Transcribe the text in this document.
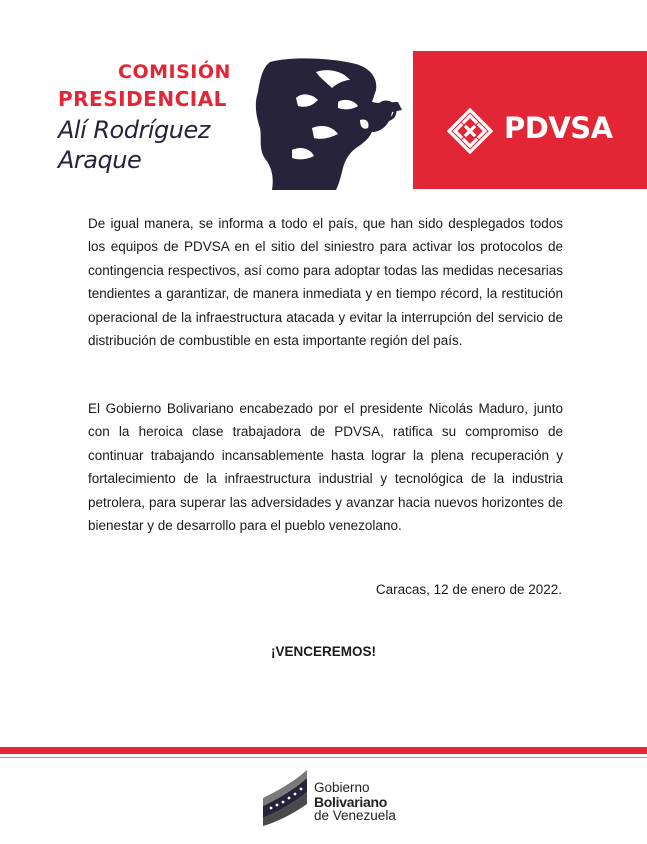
COMISIÓN
PRESIDENCIAL
Alí Rodríguez
Araque
PDVSA

De igual manera, se informa a todo el país, que han sido desplegados todos los equipos de PDVSA en el sitio del siniestro para activar los protocolos de contingencia respectivos, así como para adoptar todas las medidas necesarias tendientes a garantizar, de manera inmediata y en tiempo récord, la restitución operacional de la infraestructura atacada y evitar la interrupción del servicio de distribución de combustible en esta importante región del país.

El Gobierno Bolivariano encabezado por el presidente Nicolás Maduro, junto con la heroica clase trabajadora de PDVSA, ratifica su compromiso de continuar trabajando incansablemente hasta lograr la plena recuperación y fortalecimiento de la infraestructura industrial y tecnológica de la industria petrolera, para superar las adversidades y avanzar hacia nuevos horizontes de bienestar y de desarrollo para el pueblo venezolano.

Caracas, 12 de enero de 2022.
¡VENCEREMOS!
Gobierno
Bolivariano
de Venezuela
